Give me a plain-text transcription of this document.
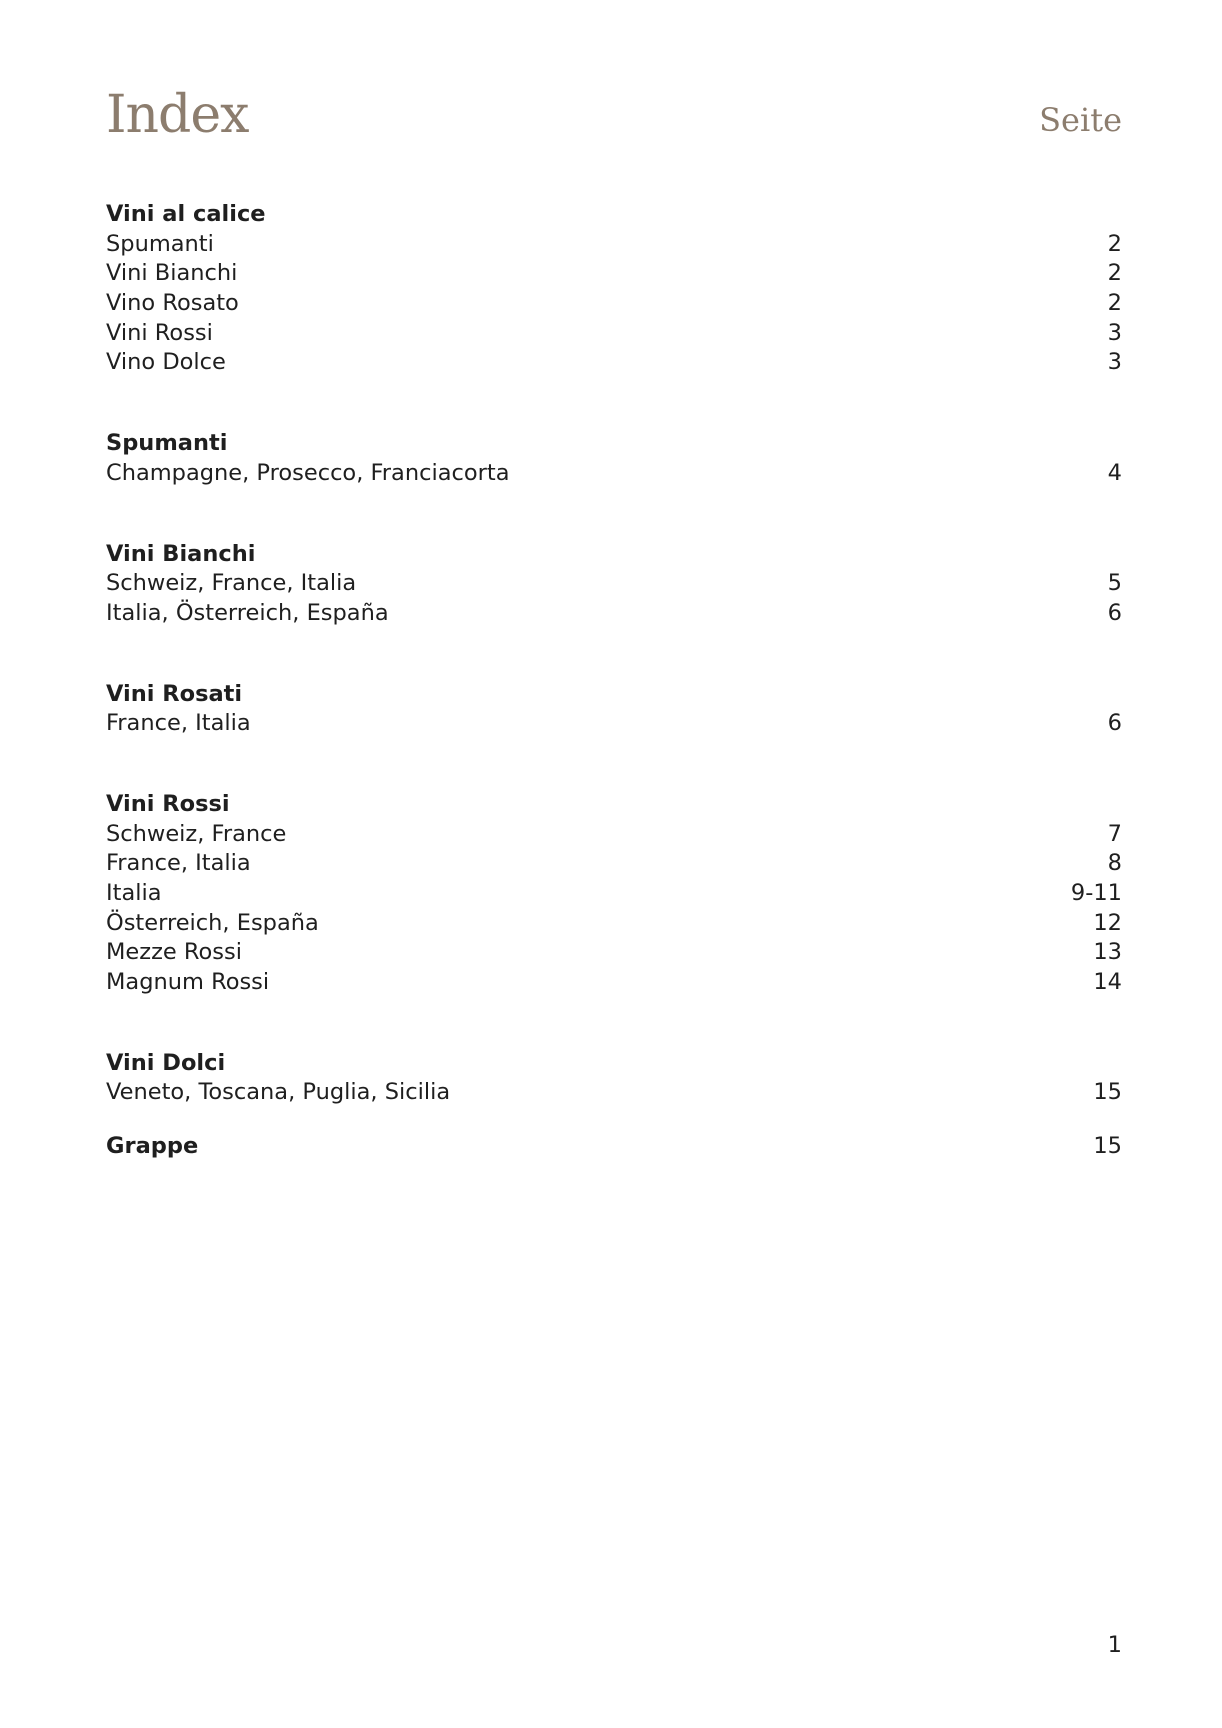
Index	Seite
Vini al calice
Spumanti	2
Vini Bianchi	2
Vino Rosato	2
Vini Rossi	3
Vino Dolce	3
Spumanti
Champagne, Prosecco, Franciacorta	4
Vini Bianchi
Schweiz, France, Italia	5
Italia, Österreich, España	6
Vini Rosati
France, Italia	6
Vini Rossi
Schweiz, France	7
France, Italia	8
Italia	9-11
Österreich, España	12
Mezze Rossi	13
Magnum Rossi	14
Vini Dolci
Veneto, Toscana, Puglia, Sicilia	15
Grappe	15
1
